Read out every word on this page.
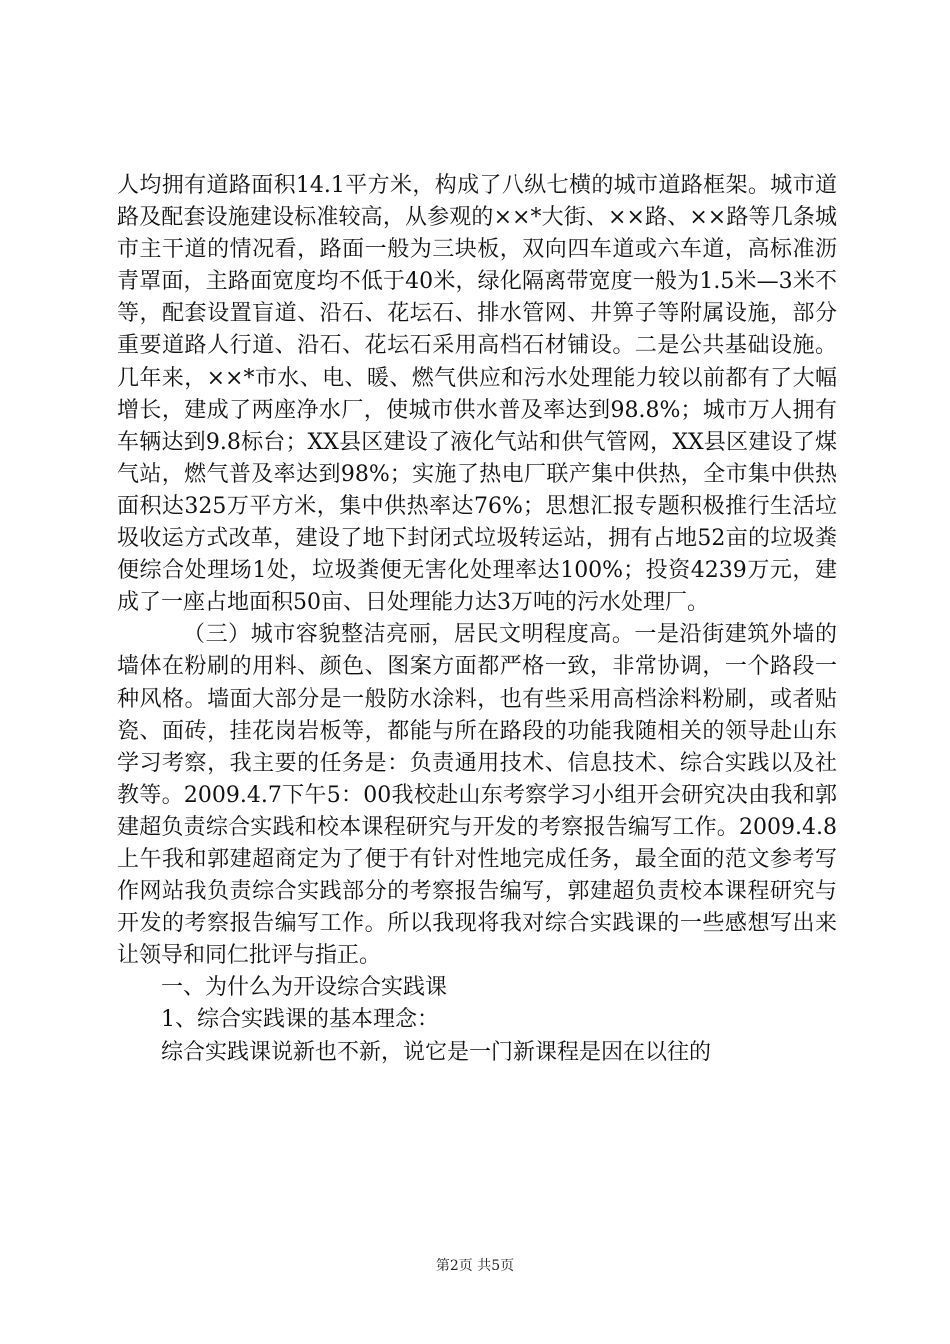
人均拥有道路面积14.1平方米，构成了八纵七横的城市道路框架。城市道路及配套设施建设标准较高，从参观的××*大街、××路、××路等几条城市主干道的情况看，路面一般为三块板，双向四车道或六车道，高标准沥青罩面，主路面宽度均不低于40米，绿化隔离带宽度一般为1.5米—3米不等，配套设置盲道、沿石、花坛石、排水管网、井箅子等附属设施，部分重要道路人行道、沿石、花坛石采用高档石材铺设。二是公共基础设施。几年来，××*市水、电、暖、燃气供应和污水处理能力较以前都有了大幅增长，建成了两座净水厂，使城市供水普及率达到98.8%；城市万人拥有车辆达到9.8标台；XX县区建设了液化气站和供气管网，XX县区建设了煤气站，燃气普及率达到98%；实施了热电厂联产集中供热，全市集中供热面积达325万平方米，集中供热率达76%；思想汇报专题积极推行生活垃圾收运方式改革，建设了地下封闭式垃圾转运站，拥有占地52亩的垃圾粪便综合处理场1处，垃圾粪便无害化处理率达100%；投资4239万元，建成了一座占地面积50亩、日处理能力达3万吨的污水处理厂。

（三）城市容貌整洁亮丽，居民文明程度高。一是沿街建筑外墙的墙体在粉刷的用料、颜色、图案方面都严格一致，非常协调，一个路段一种风格。墙面大部分是一般防水涂料，也有些采用高档涂料粉刷，或者贴瓷、面砖，挂花岗岩板等，都能与所在路段的功能我随相关的领导赴山东学习考察，我主要的任务是：负责通用技术、信息技术、综合实践以及社教等。2009.4.7下午5：00我校赴山东考察学习小组开会研究决由我和郭建超负责综合实践和校本课程研究与开发的考察报告编写工作。2009.4.8上午我和郭建超商定为了便于有针对性地完成任务，最全面的范文参考写作网站我负责综合实践部分的考察报告编写，郭建超负责校本课程研究与开发的考察报告编写工作。所以我现将我对综合实践课的一些感想写出来让领导和同仁批评与指正。

一、为什么为开设综合实践课

1、综合实践课的基本理念：

综合实践课说新也不新，说它是一门新课程是因在以往的

第2页 共5页
